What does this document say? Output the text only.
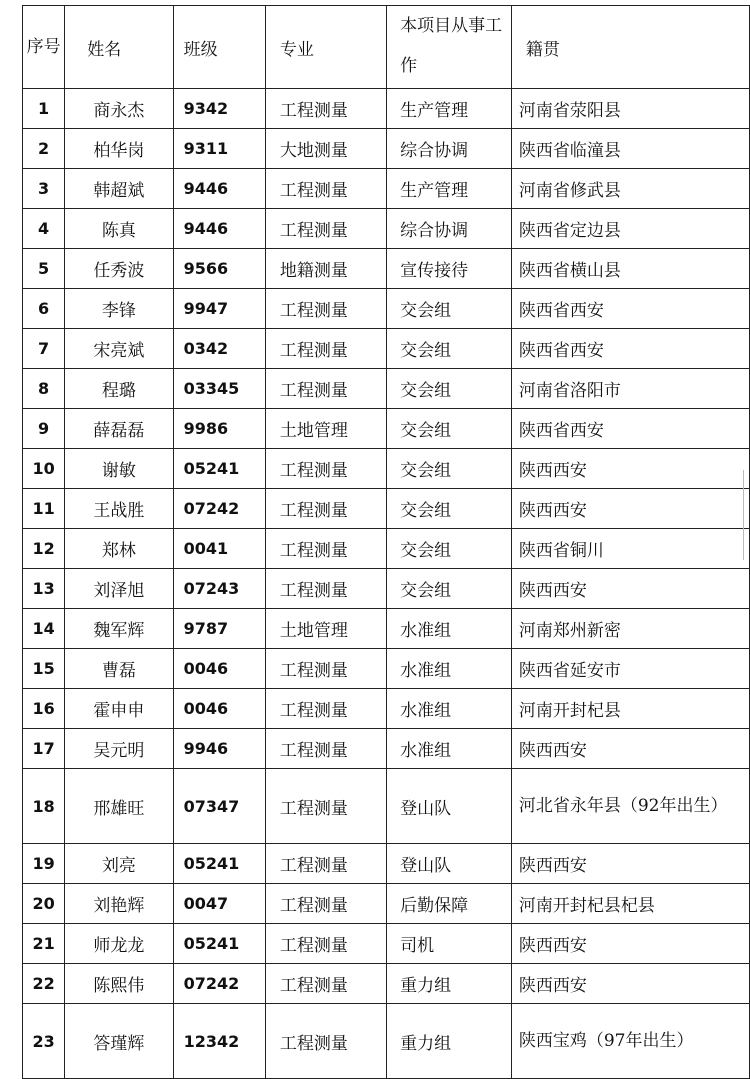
序号	姓名	班级	专业	本项目从事工作	籍贯
1	商永杰	9342	工程测量	生产管理	河南省荥阳县
2	柏华岗	9311	大地测量	综合协调	陕西省临潼县
3	韩超斌	9446	工程测量	生产管理	河南省修武县
4	陈真	9446	工程测量	综合协调	陕西省定边县
5	任秀波	9566	地籍测量	宣传接待	陕西省横山县
6	李锋	9947	工程测量	交会组	陕西省西安
7	宋亮斌	0342	工程测量	交会组	陕西省西安
8	程璐	03345	工程测量	交会组	河南省洛阳市
9	薛磊磊	9986	土地管理	交会组	陕西省西安
10	谢敏	05241	工程测量	交会组	陕西西安
11	王战胜	07242	工程测量	交会组	陕西西安
12	郑林	0041	工程测量	交会组	陕西省铜川
13	刘泽旭	07243	工程测量	交会组	陕西西安
14	魏军辉	9787	土地管理	水准组	河南郑州新密
15	曹磊	0046	工程测量	水准组	陕西省延安市
16	霍申申	0046	工程测量	水准组	河南开封杞县
17	吴元明	9946	工程测量	水准组	陕西西安
18	邢雄旺	07347	工程测量	登山队	河北省永年县（92年出生）
19	刘亮	05241	工程测量	登山队	陕西西安
20	刘艳辉	0047	工程测量	后勤保障	河南开封杞县杞县
21	师龙龙	05241	工程测量	司机	陕西西安
22	陈熙伟	07242	工程测量	重力组	陕西西安
23	答瑾辉	12342	工程测量	重力组	陕西宝鸡（97年出生）
